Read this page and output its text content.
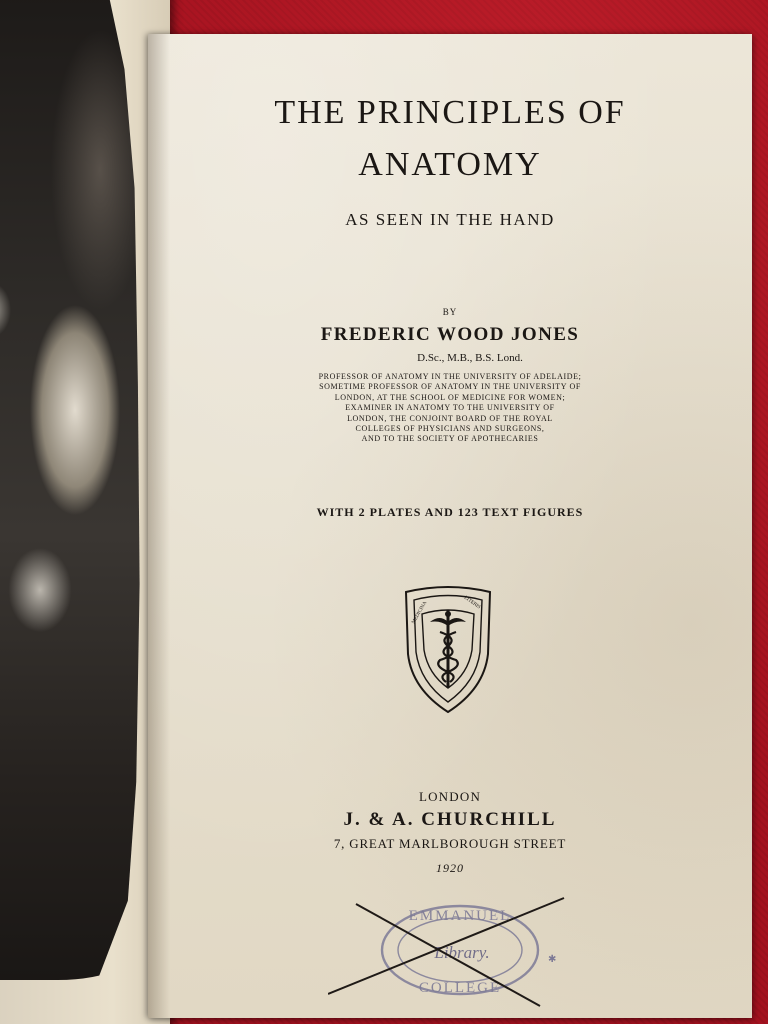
THE PRINCIPLES OF
ANATOMY
AS SEEN IN THE HAND
BY
FREDERIC WOOD JONES
D.Sc., M.B., B.S. Lond.
PROFESSOR OF ANATOMY IN THE UNIVERSITY OF ADELAIDE;
SOMETIME PROFESSOR OF ANATOMY IN THE UNIVERSITY OF
LONDON, AT THE SCHOOL OF MEDICINE FOR WOMEN;
EXAMINER IN ANATOMY TO THE UNIVERSITY OF
LONDON, THE CONJOINT BOARD OF THE ROYAL
COLLEGES OF PHYSICIANS AND SURGEONS,
AND TO THE SOCIETY OF APOTHECARIES
WITH 2 PLATES AND 123 TEXT FIGURES
MEDICINA	LITERIS
LONDON
J. & A. CHURCHILL
7, GREAT MARLBOROUGH STREET
1920
EMMANUEL
Library.
COLLEGE
✱
